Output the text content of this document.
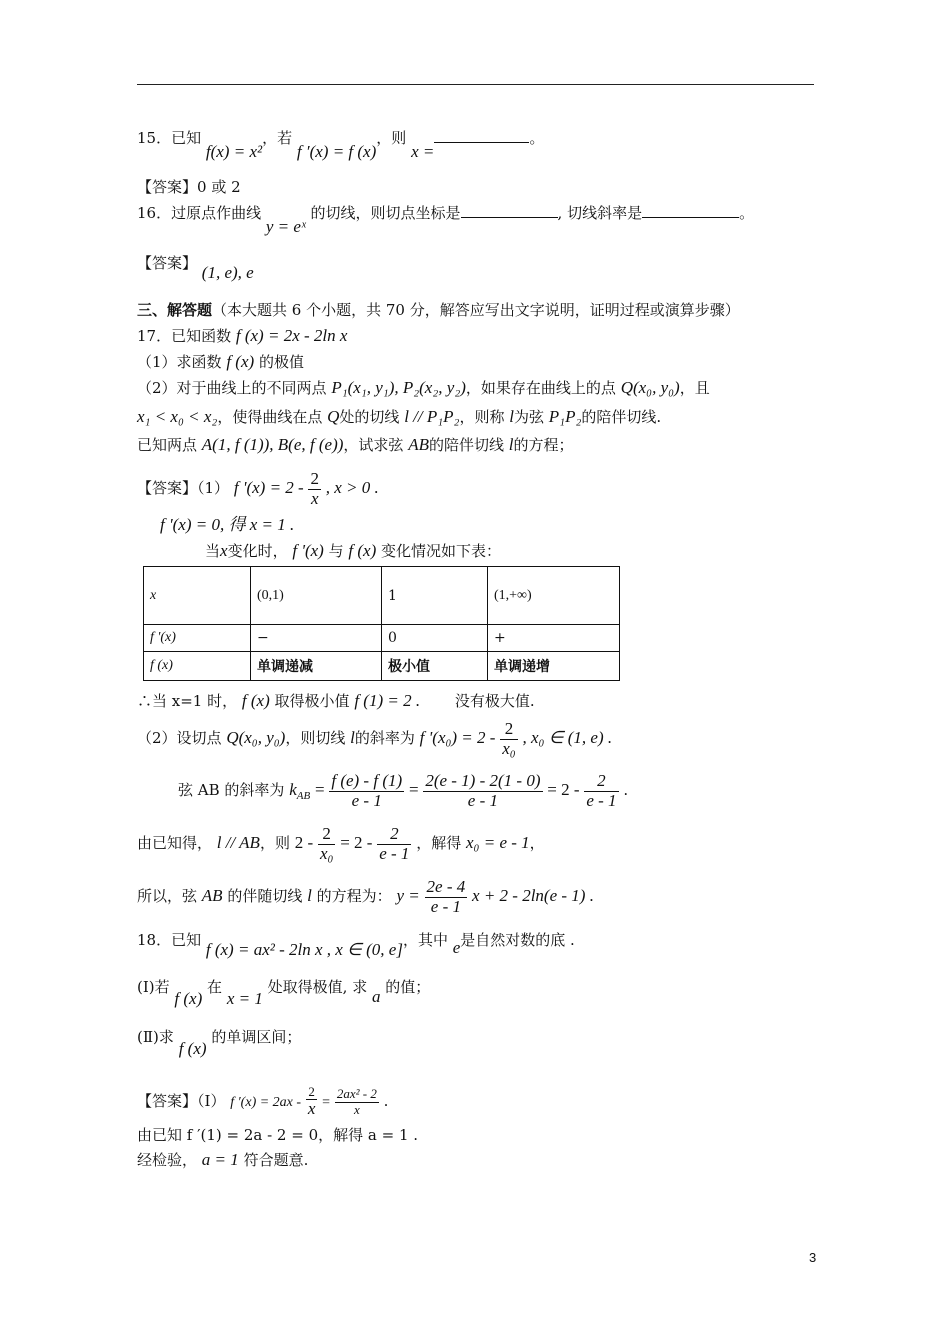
15．已知 f(x) = x²，若 f ′(x) = f (x)，则 x =。
【答案】0 或 2
16．过原点作曲线 y = eˣ 的切线，则切点坐标是	, 切线斜率是	。
【答案】 (1, e), e
三、解答题（本大题共 6 个小题，共 70 分，解答应写出文字说明，证明过程或演算步骤）
17．已知函数 f (x) = 2x - 2ln x
（1）求函数 f (x) 的极值
（2）对于曲线上的不同两点 P₁(x₁, y₁), P₂(x₂, y₂)，如果存在曲线上的点 Q(x₀, y₀)，且
x₁ < x₀ < x₂，使得曲线在点 Q处的切线 l // P₁P₂，则称 l为弦 P₁P₂的陪伴切线.
已知两点 A(1, f (1)), B(e, f (e))，试求弦 AB的陪伴切线 l的方程；
【答案】（1） f '$(x) = 2 - \frac{2}{x}$ , x > 0 .
f '(x) = 0, 得 x = 1 .
当x变化时， f '(x) 与 f (x) 变化情况如下表：
x	(0,1)	1	(1,+∞)
f '(x)	−	0	+
f (x)	单调递减	极小值	单调递增
∴当 x=1 时， f (x) 取得极小值 f (1) = 2 . 没有极大值.
（2）设切点 Q(x₀, y₀)，则切线 l的斜率为 f '$(x_0) = 2 - \frac{2}{\text{x₀}}$ , x₀ ∈ (1, e) .
弦 AB 的斜率为 $k_{AB} = \frac{f (e) - f (1)}{e - 1} = \frac{2(e - 1) - 2(1 - 0)}{e - 1} = 2 - \frac{2}{e - 1}$ .
由已知得， l // AB，则 $2 - \frac{2}{\text{x₀}} = 2 - \frac{2}{e - 1}$ ，解得 x₀ = e - 1，
所以，弦 AB 的伴随切线 l 的方程为： $y = \frac{2e - 4}{e - 1}$ x + 2 - 2ln(e - 1) .
18．已知 f (x) = ax² - 2ln x , x ∈ (0, e]，其中 e是自然对数的底 .
(Ⅰ)若 f (x) 在 x = 1 处取得极值, 求 a 的值；
(Ⅱ)求 f (x) 的单调区间；
【答案】（Ⅰ） f $'(x) = 2ax - \frac{2}{x} = \frac{\text{2ax² - 2}}{x}$ .
由已知 f ′(1) = 2a - 2 = 0，解得 a = 1 .
经检验， a = 1 符合题意.
3
